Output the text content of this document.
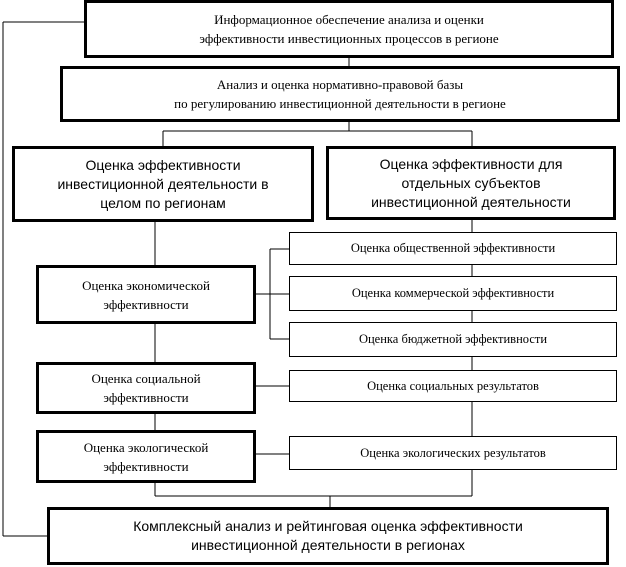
Информационное обеспечение анализа и оценки
эффективности инвестиционных процессов в регионе
Анализ и оценка нормативно-правовой базы
по регулированию инвестиционной деятельности в регионе
Оценка эффективности
инвестиционной деятельности в
целом по регионам
Оценка эффективности для
отдельных субъектов
инвестиционной деятельности
Оценка экономической
эффективности
Оценка общественной эффективности
Оценка коммерческой эффективности
Оценка бюджетной эффективности
Оценка социальной
эффективности
Оценка социальных результатов
Оценка экологической
эффективности
Оценка экологических результатов
Комплексный анализ и рейтинговая оценка эффективности
инвестиционной деятельности в регионах
